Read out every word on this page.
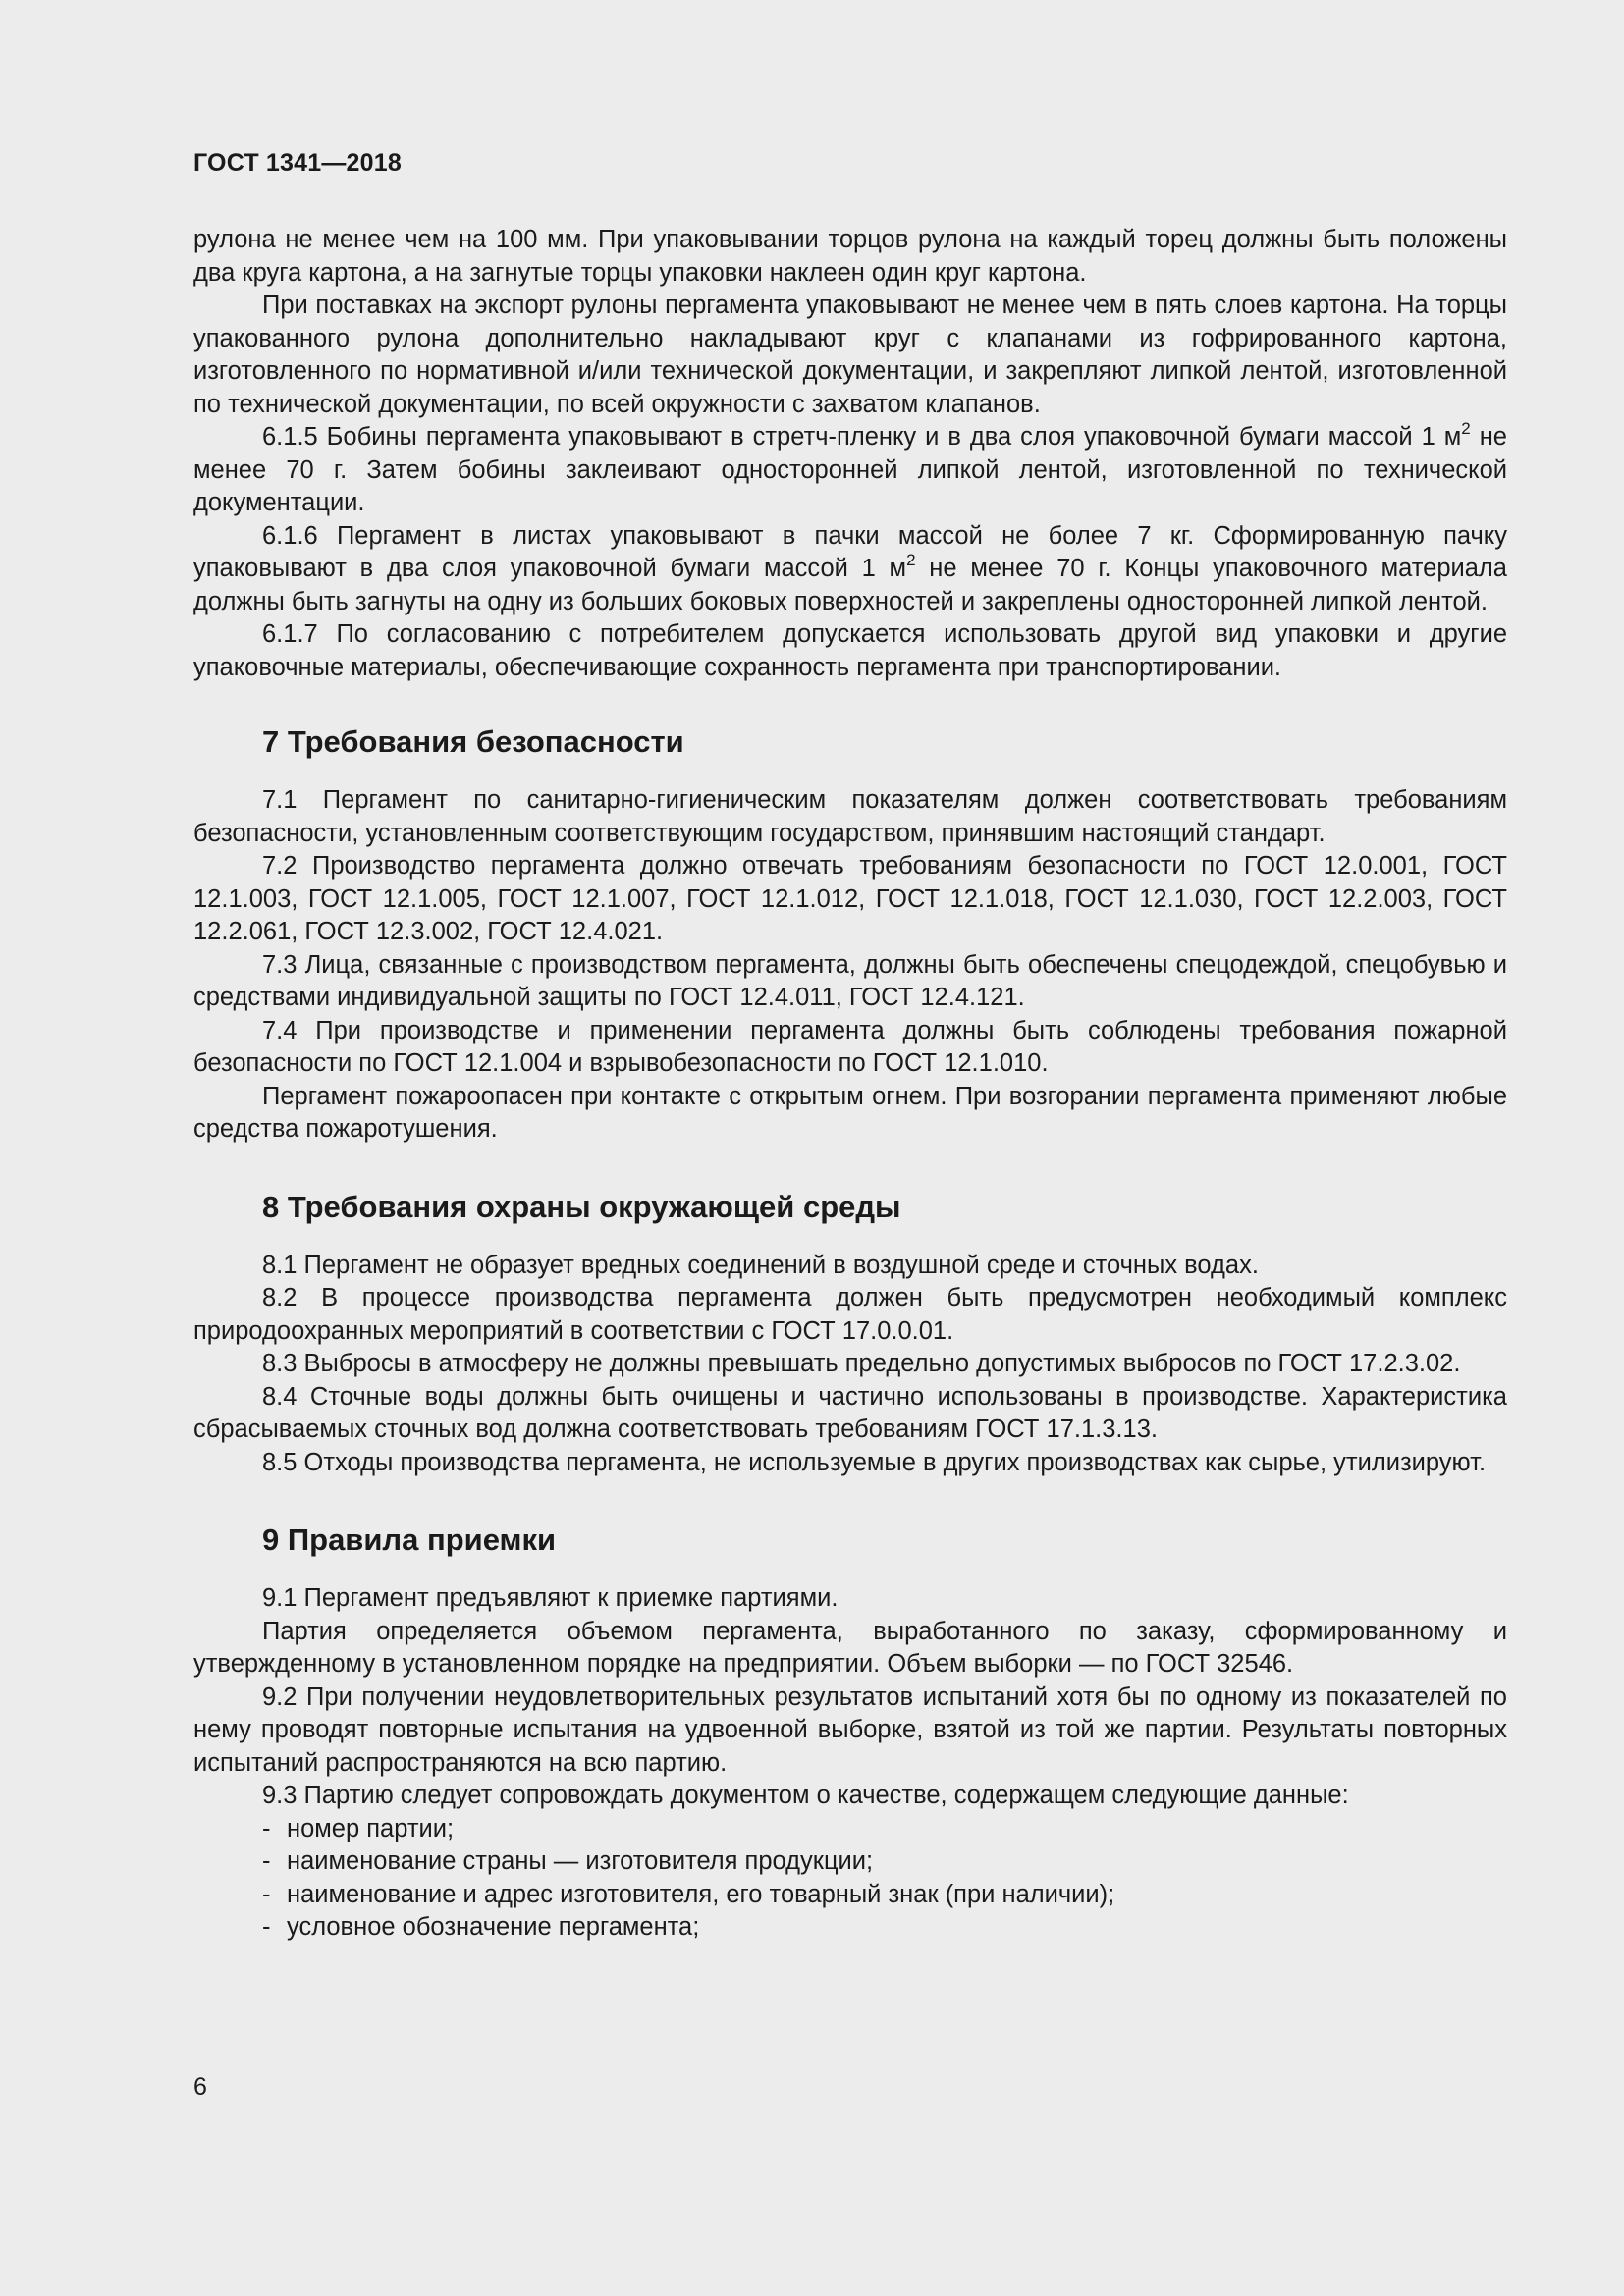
ГОСТ 1341—2018

рулона не менее чем на 100 мм. При упаковывании торцов рулона на каждый торец должны быть положены два круга картона, а на загнутые торцы упаковки наклеен один круг картона.

При поставках на экспорт рулоны пергамента упаковывают не менее чем в пять слоев картона. На торцы упакованного рулона дополнительно накладывают круг с клапанами из гофрированного картона, изготовленного по нормативной и/или технической документации, и закрепляют липкой лентой, изготовленной по технической документации, по всей окружности с захватом клапанов.

6.1.5 Бобины пергамента упаковывают в стретч-пленку и в два слоя упаковочной бумаги массой 1 $м^2$ не менее 70 г. Затем бобины заклеивают односторонней липкой лентой, изготовленной по технической документации.

6.1.6 Пергамент в листах упаковывают в пачки массой не более 7 кг. Сформированную пачку упаковывают в два слоя упаковочной бумаги массой 1 $м^2$ не менее 70 г. Концы упаковочного материала должны быть загнуты на одну из больших боковых поверхностей и закреплены односторонней липкой лентой.

6.1.7 По согласованию с потребителем допускается использовать другой вид упаковки и другие упаковочные материалы, обеспечивающие сохранность пергамента при транспортировании.

7 Требования безопасности

7.1 Пергамент по санитарно-гигиеническим показателям должен соответствовать требованиям безопасности, установленным соответствующим государством, принявшим настоящий стандарт.

7.2 Производство пергамента должно отвечать требованиям безопасности по ГОСТ 12.0.001, ГОСТ 12.1.003, ГОСТ 12.1.005, ГОСТ 12.1.007, ГОСТ 12.1.012, ГОСТ 12.1.018, ГОСТ 12.1.030, ГОСТ 12.2.003, ГОСТ 12.2.061, ГОСТ 12.3.002, ГОСТ 12.4.021.

7.3 Лица, связанные с производством пергамента, должны быть обеспечены спецодеждой, спецобувью и средствами индивидуальной защиты по ГОСТ 12.4.011, ГОСТ 12.4.121.

7.4 При производстве и применении пергамента должны быть соблюдены требования пожарной безопасности по ГОСТ 12.1.004 и взрывобезопасности по ГОСТ 12.1.010.

Пергамент пожароопасен при контакте с открытым огнем. При возгорании пергамента применяют любые средства пожаротушения.

8 Требования охраны окружающей среды

8.1 Пергамент не образует вредных соединений в воздушной среде и сточных водах.

8.2 В процессе производства пергамента должен быть предусмотрен необходимый комплекс природоохранных мероприятий в соответствии с ГОСТ 17.0.0.01.

8.3 Выбросы в атмосферу не должны превышать предельно допустимых выбросов по ГОСТ 17.2.3.02.

8.4 Сточные воды должны быть очищены и частично использованы в производстве. Характеристика сбрасываемых сточных вод должна соответствовать требованиям ГОСТ 17.1.3.13.

8.5 Отходы производства пергамента, не используемые в других производствах как сырье, утилизируют.

9 Правила приемки

9.1 Пергамент предъявляют к приемке партиями.

Партия определяется объемом пергамента, выработанного по заказу, сформированному и утвержденному в установленном порядке на предприятии. Объем выборки — по ГОСТ 32546.

9.2 При получении неудовлетворительных результатов испытаний хотя бы по одному из показателей по нему проводят повторные испытания на удвоенной выборке, взятой из той же партии. Результаты повторных испытаний распространяются на всю партию.

9.3 Партию следует сопровождать документом о качестве, содержащем следующие данные:

- номер партии;

- наименование страны — изготовителя продукции;

- наименование и адрес изготовителя, его товарный знак (при наличии);

- условное обозначение пергамента;

6
